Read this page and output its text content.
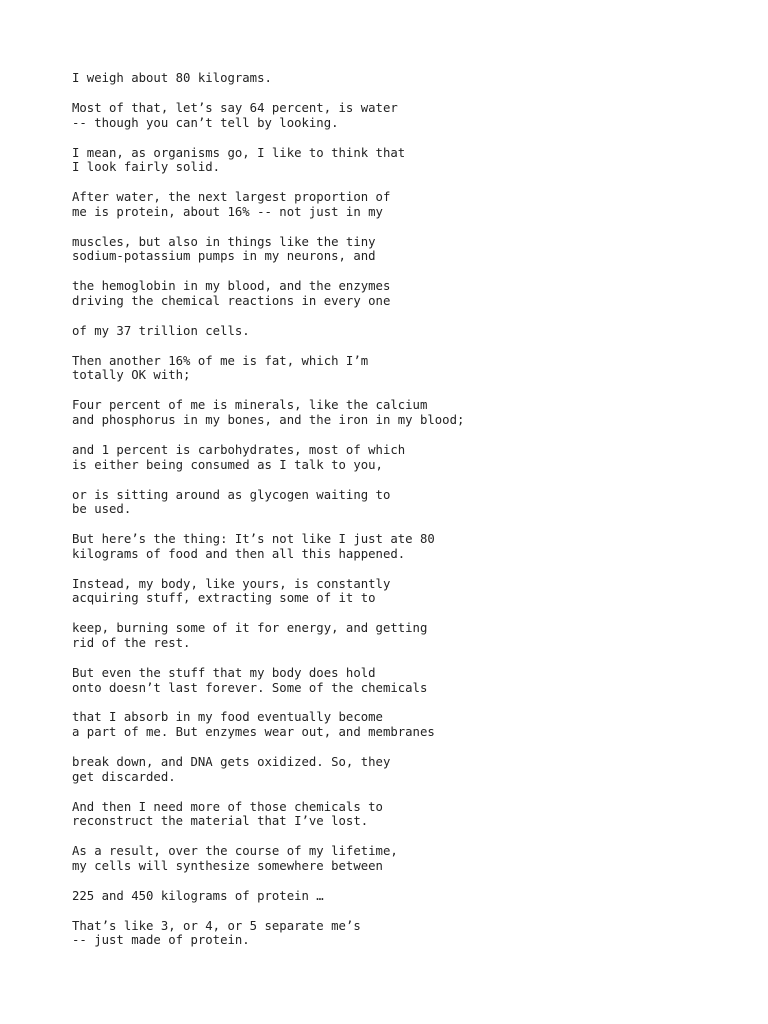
I weigh about 80 kilograms.

Most of that, let’s say 64 percent, is water
-- though you can’t tell by looking.

I mean, as organisms go, I like to think that
I look fairly solid.

After water, the next largest proportion of
me is protein, about 16% -- not just in my

muscles, but also in things like the tiny
sodium-potassium pumps in my neurons, and

the hemoglobin in my blood, and the enzymes
driving the chemical reactions in every one

of my 37 trillion cells.

Then another 16% of me is fat, which I’m
totally OK with;

Four percent of me is minerals, like the calcium
and phosphorus in my bones, and the iron in my blood;

and 1 percent is carbohydrates, most of which
is either being consumed as I talk to you,

or is sitting around as glycogen waiting to
be used.

But here’s the thing: It’s not like I just ate 80
kilograms of food and then all this happened.

Instead, my body, like yours, is constantly
acquiring stuff, extracting some of it to

keep, burning some of it for energy, and getting
rid of the rest.

But even the stuff that my body does hold
onto doesn’t last forever. Some of the chemicals

that I absorb in my food eventually become
a part of me. But enzymes wear out, and membranes

break down, and DNA gets oxidized. So, they
get discarded.

And then I need more of those chemicals to
reconstruct the material that I’ve lost.

As a result, over the course of my lifetime,
my cells will synthesize somewhere between

225 and 450 kilograms of protein …

That’s like 3, or 4, or 5 separate me’s
-- just made of protein.
